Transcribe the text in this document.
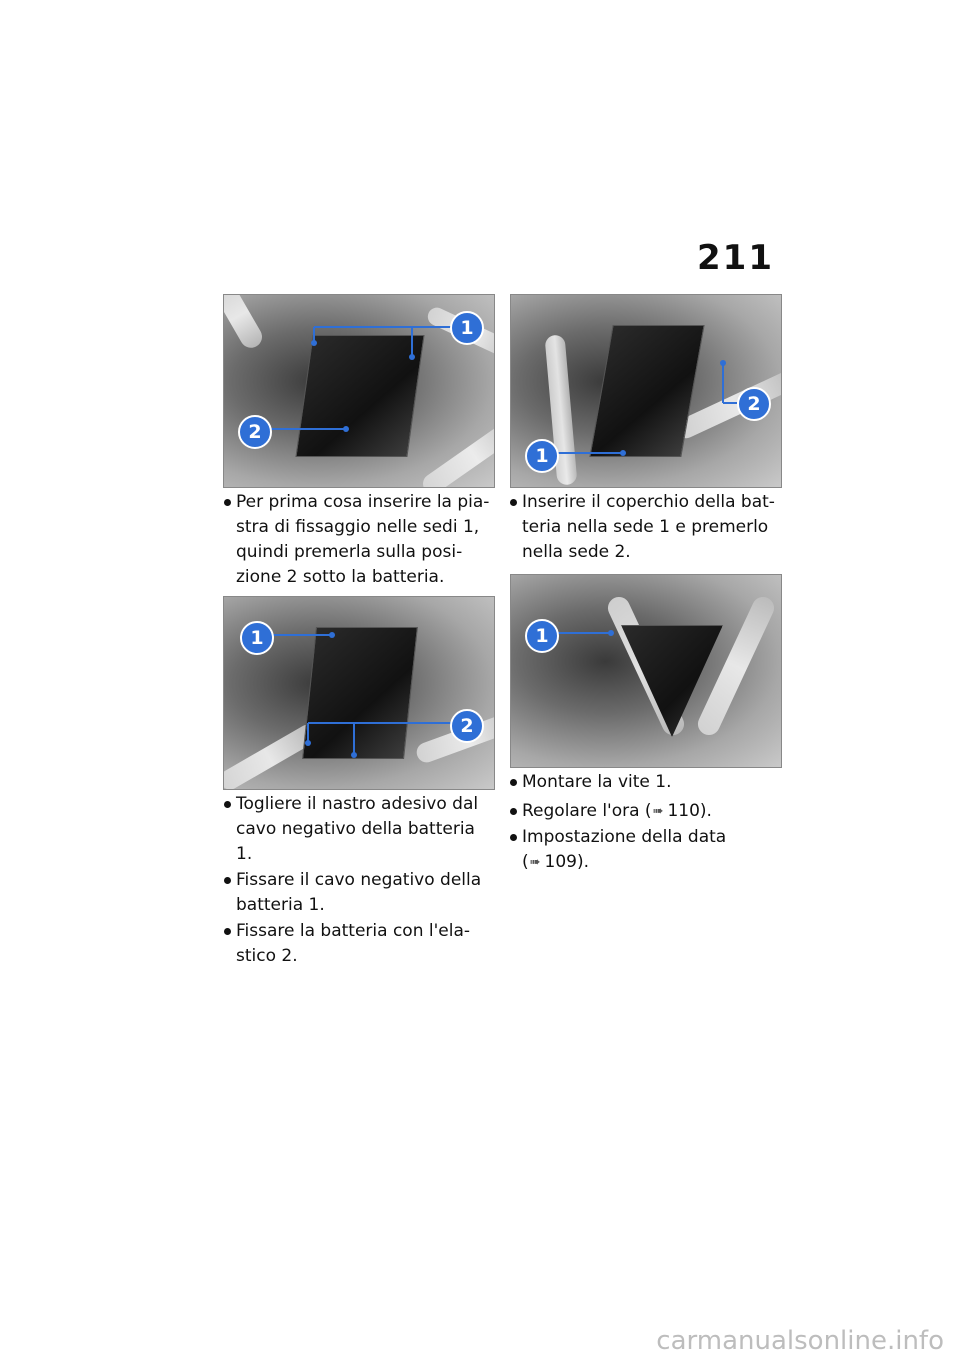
211
1
2
1
2
2
1
1
Per prima cosa inserire la pia-
stra di fissaggio nelle sedi 1,
quindi premerla sulla posi-
zione 2 sotto la batteria.
Togliere il nastro adesivo dal
cavo negativo della batteria 1.
Fissare il cavo negativo della
batteria 1.
Fissare la batteria con l'ela-
stico 2.
Inserire il coperchio della bat-
teria nella sede 1 e premerlo
nella sede 2.
Montare la vite 1.
Regolare l'ora (➠ 110).
Impostazione della data
(➠ 109).
carmanualsonline.info
